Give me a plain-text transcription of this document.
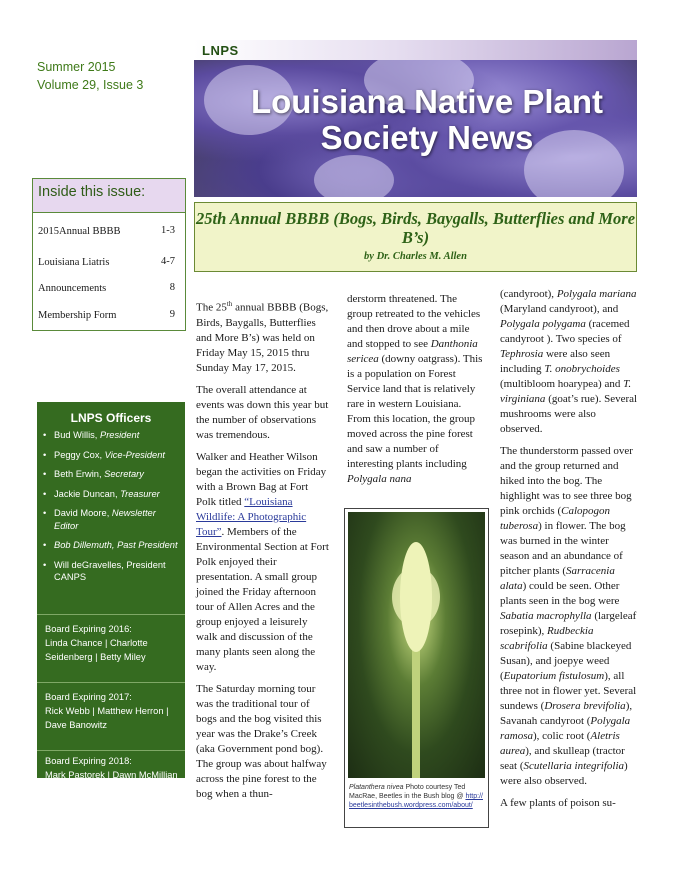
Summer 2015
Volume 29, Issue 3
LNPS
Louisiana Native Plant Society News
Inside this issue:
2015Annual BBBB	1-3
Louisiana Liatris	4-7
Announcements	8
Membership Form	9
LNPS Officers
• Bud Willis, President
• Peggy Cox, Vice-President
• Beth Erwin, Secretary
• Jackie Duncan, Treasurer
• David Moore, Newsletter Editor
• Bob Dillemuth, Past President
• Will deGravelles, President CANPS
Board Expiring 2016:
Linda Chance | Charlotte Seidenberg | Betty Miley
Board Expiring 2017:
Rick Webb | Matthew Herron | Dave Banowitz
Board Expiring 2018:
Mark Pastorek | Dawn McMillian | John Mayronne
25th Annual BBBB (Bogs, Birds, Baygalls, Butterflies and More B’s)
by Dr. Charles M. Allen

The 25th annual BBBB (Bogs, Birds, Baygalls, Butterflies and More B’s) was held on Friday May 15, 2015 thru Sunday May 17, 2015.

The overall attendance at events was down this year but the number of observations was tremendous.

Walker and Heather Wilson began the activities on Friday with a Brown Bag at Fort Polk titled “Louisiana Wildlife: A Photographic Tour”. Members of the Environmental Section at Fort Polk enjoyed their presentation. A small group joined the Friday afternoon tour of Allen Acres and the group enjoyed a leisurely walk and discussion of the many plants seen along the way.

The Saturday morning tour was the traditional tour of bogs and the bog visited this year was the Drake’s Creek (aka Government pond bog). The group was about halfway across the pine forest to the bog when a thun-

derstorm threatened. The group retreated to the vehicles and then drove about a mile and stopped to see Danthonia sericea (downy oatgrass). This is a population on Forest Service land that is relatively rare in western Louisiana. From this location, the group moved across the pine forest and saw a number of interesting plants including Polygala nana

Platanthera nivea Photo courtesy Ted MacRae, Beetles in the Bush blog @ http://beetlesinthebush.wordpress.com/about/

(candyroot), Polygala mariana (Maryland candyroot), and Polygala polygama (racemed candyroot ). Two species of Tephrosia were also seen including T. onobrychoides (multibloom hoarypea) and T. virginiana (goat’s rue). Several mushrooms were also observed.

The thunderstorm passed over and the group returned and hiked into the bog. The highlight was to see three bog pink orchids (Calopogon tuberosa) in flower. The bog was burned in the winter season and an abundance of pitcher plants (Sarracenia alata) could be seen. Other plants seen in the bog were Sabatia macrophylla (largeleaf rosepink), Rudbeckia scabrifolia (Sabine blackeyed Susan), and joepye weed (Eupatorium fistulosum), all three not in flower yet. Several sundews (Drosera brevifolia), Savanah candyroot (Polygala ramosa), colic root (Aletris aurea), and skulleap (tractor seat (Scutellaria integrifolia) were also observed.

A few plants of poison su-
